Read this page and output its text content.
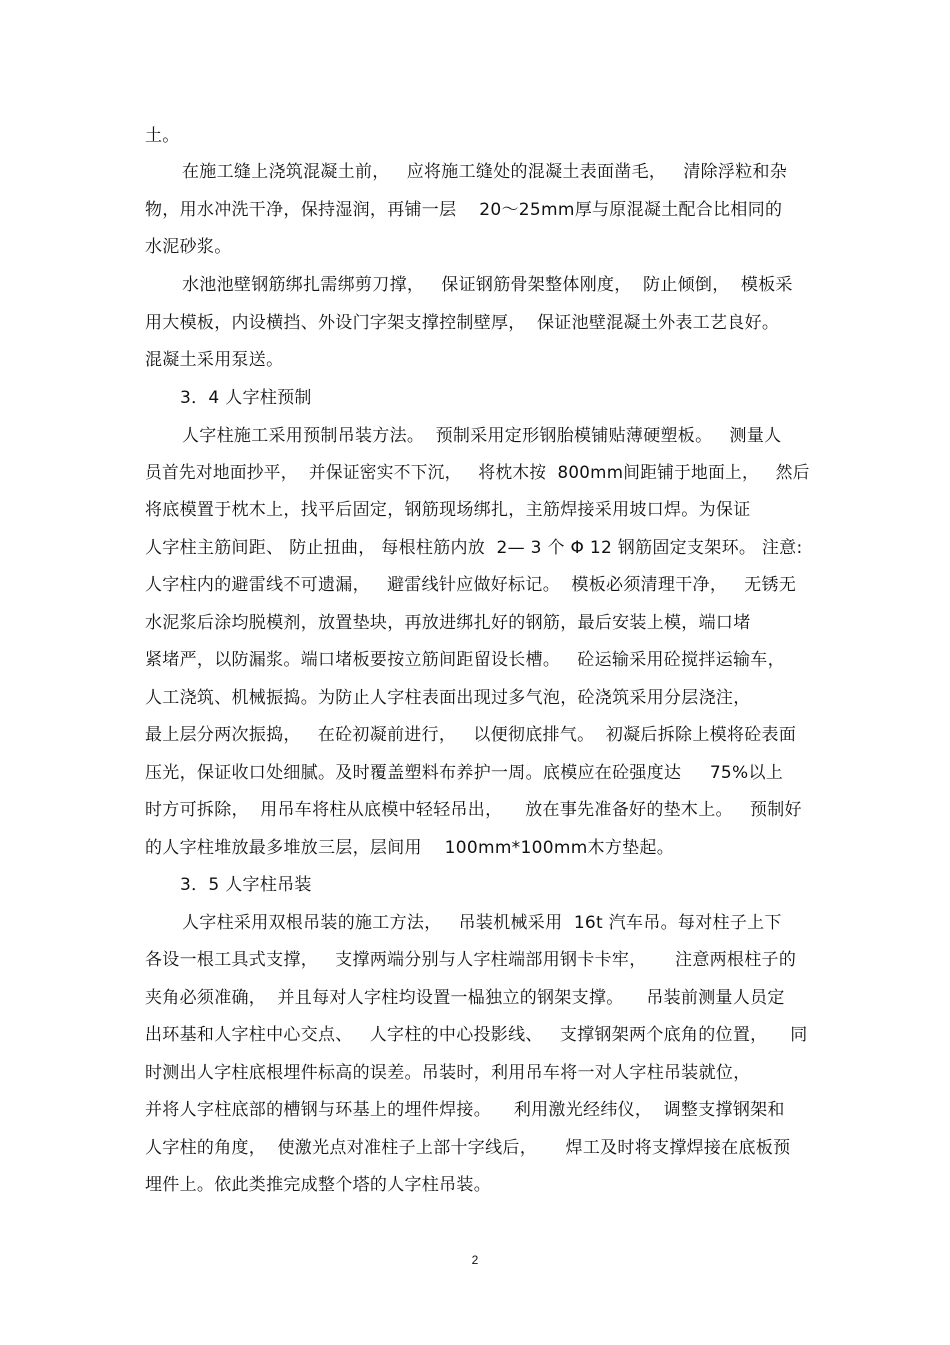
土。
在施工缝上浇筑混凝土前，   应将施工缝处的混凝土表面凿毛，   清除浮粒和杂
物，用水冲洗干净，保持湿润，再铺一层    20～25mm厚与原混凝土配合比相同的
水泥砂浆。
水池池壁钢筋绑扎需绑剪刀撑，   保证钢筋骨架整体刚度，  防止倾倒，  模板采
用大模板，内设横挡、外设门字架支撑控制壁厚，  保证池壁混凝土外表工艺良好。
混凝土采用泵送。
3．4 人字柱预制
人字柱施工采用预制吊装方法。  预制采用定形钢胎模铺贴薄硬塑板。   测量人
员首先对地面抄平，  并保证密实不下沉，   将枕木按  800mm间距铺于地面上，   然后
将底模置于枕木上，找平后固定，钢筋现场绑扎，主筋焊接采用坡口焊。为保证
人字柱主筋间距、 防止扭曲， 每根柱筋内放  2— 3 个 Φ 12 钢筋固定支架环。 注意:
人字柱内的避雷线不可遗漏，   避雷线针应做好标记。  模板必须清理干净，   无锈无
水泥浆后涂均脱模剂，放置垫块，再放进绑扎好的钢筋，最后安装上模，端口堵
紧堵严，以防漏浆。端口堵板要按立筋间距留设长槽。   砼运输采用砼搅拌运输车，
人工浇筑、机械振捣。为防止人字柱表面出现过多气泡，砼浇筑采用分层浇注，
最上层分两次振捣，   在砼初凝前进行，   以便彻底排气。  初凝后拆除上模将砼表面
压光，保证收口处细腻。及时覆盖塑料布养护一周。底模应在砼强度达     75%以上
时方可拆除，  用吊车将柱从底模中轻轻吊出，    放在事先准备好的垫木上。   预制好
的人字柱堆放最多堆放三层，层间用    100mm*100mm木方垫起。
3．5 人字柱吊装
人字柱采用双根吊装的施工方法，   吊装机械采用  16t 汽车吊。每对柱子上下
各设一根工具式支撑，   支撑两端分别与人字柱端部用钢卡卡牢，     注意两根柱子的
夹角必须准确，  并且每对人字柱均设置一榀独立的钢架支撑。    吊装前测量人员定
出环基和人字柱中心交点、   人字柱的中心投影线、   支撑钢架两个底角的位置，    同
时测出人字柱底根埋件标高的误差。吊装时，利用吊车将一对人字柱吊装就位，
并将人字柱底部的槽钢与环基上的埋件焊接。    利用激光经纬仪，  调整支撑钢架和
人字柱的角度，  使激光点对准柱子上部十字线后，     焊工及时将支撑焊接在底板预
埋件上。依此类推完成整个塔的人字柱吊装。
2
